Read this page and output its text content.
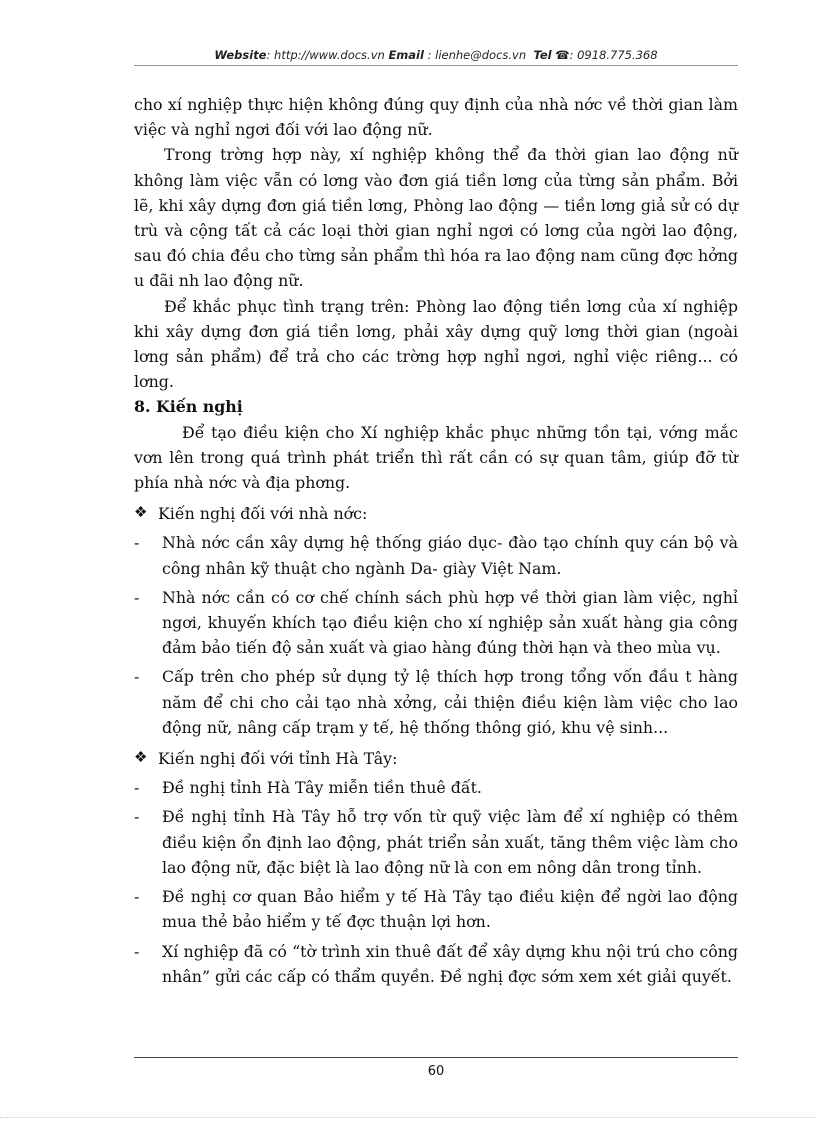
Website: http://www.docs.vn Email : lienhe@docs.vn Tel ☎: 0918.775.368

cho xí nghiệp thực hiện không đúng quy định của nhà nớc về thời gian làm việc và nghỉ ngơi đối với lao động nữ.

Trong trờng hợp này, xí nghiệp không thể đa thời gian lao động nữ không làm việc vẫn có lơng vào đơn giá tiền lơng của từng sản phẩm. Bởi lẽ, khi xây dựng đơn giá tiền lơng, Phòng lao động — tiền lơng giả sử có dự trù và cộng tất cả các loại thời gian nghỉ ngơi có lơng của ngời lao động, sau đó chia đều cho từng sản phẩm thì hóa ra lao động nam cũng đợc hởng u đãi nh lao động nữ.

Để khắc phục tình trạng trên: Phòng lao động tiền lơng của xí nghiệp khi xây dựng đơn giá tiền lơng, phải xây dựng quỹ lơng thời gian (ngoài lơng sản phẩm) để trả cho các trờng hợp nghỉ ngơi, nghỉ việc riêng... có lơng.

8. Kiến nghị

Để tạo điều kiện cho Xí nghiệp khắc phục những tồn tại, vớng mắc vơn lên trong quá trình phát triển thì rất cần có sự quan tâm, giúp đỡ từ phía nhà nớc và địa phơng.

❖ Kiến nghị đối với nhà nớc:
-	Nhà nớc cần xây dựng hệ thống giáo dục- đào tạo chính quy cán bộ và công nhân kỹ thuật cho ngành Da- giày Việt Nam.
-	Nhà nớc cần có cơ chế chính sách phù hợp về thời gian làm việc, nghỉ ngơi, khuyến khích tạo điều kiện cho xí nghiệp sản xuất hàng gia công đảm bảo tiến độ sản xuất và giao hàng đúng thời hạn và theo mùa vụ.
-	Cấp trên cho phép sử dụng tỷ lệ thích hợp trong tổng vốn đầu t hàng năm để chi cho cải tạo nhà xởng, cải thiện điều kiện làm việc cho lao động nữ, nâng cấp trạm y tế, hệ thống thông gió, khu vệ sinh...
❖ Kiến nghị đối với tỉnh Hà Tây:
-	Đề nghị tỉnh Hà Tây miễn tiền thuê đất.
-	Đề nghị tỉnh Hà Tây hỗ trợ vốn từ quỹ việc làm để xí nghiệp có thêm điều kiện ổn định lao động, phát triển sản xuất, tăng thêm việc làm cho lao động nữ, đặc biệt là lao động nữ là con em nông dân trong tỉnh.
-	Đề nghị cơ quan Bảo hiểm y tế Hà Tây tạo điều kiện để ngời lao động mua thẻ bảo hiểm y tế đợc thuận lợi hơn.
-	Xí nghiệp đã có “tờ trình xin thuê đất để xây dựng khu nội trú cho công nhân” gửi các cấp có thẩm quyền. Đề nghị đợc sớm xem xét giải quyết.
60
